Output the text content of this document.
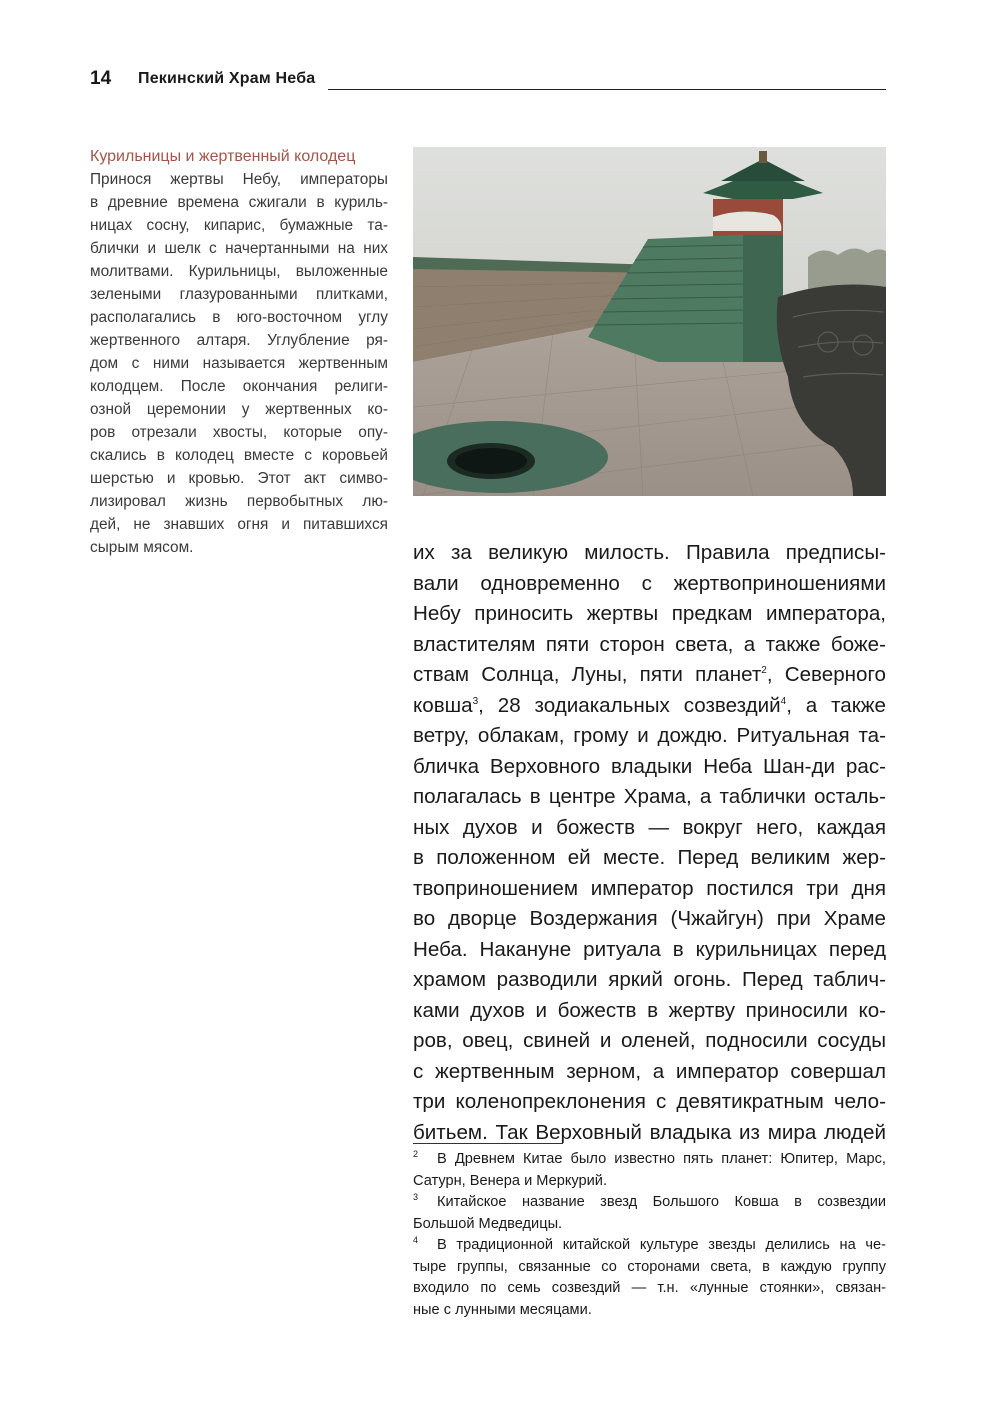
14 Пекинский Храм Неба
Курильницы и жертвенный колодец
Принося жертвы Небу, императоры
в древние времена сжигали в куриль-
ницах сосну, кипарис, бумажные та-
блички и шелк с начертанными на них
молитвами. Курильницы, выложенные
зелеными глазурованными плитками,
располагались в юго-восточном углу
жертвенного алтаря. Углубление ря-
дом с ними называется жертвенным
колодцем. После окончания религи-
озной церемонии у жертвенных ко-
ров отрезали хвосты, которые опу-
скались в колодец вместе с коровьей
шерстью и кровью. Этот акт симво-
лизировал жизнь первобытных лю-
дей, не знавших огня и питавшихся
сырым мясом.	их за великую милость. Правила предписы-
вали одновременно с жертвоприношениями
Небу приносить жертвы предкам императора,
властителям пяти сторон света, а также боже-
ствам Солнца, Луны, пяти планет$^2$, Северного
ковша$^3$, 28 зодиакальных созвездий$^4$, а также
ветру, облакам, грому и дождю. Ритуальная та-
бличка Верховного владыки Неба Шан-ди рас-
полагалась в центре Храма, а таблички осталь-
ных духов и божеств — вокруг него, каждая
в положенном ей месте. Перед великим жер-
твоприношением император постился три дня
во дворце Воздержания (Чжайгун) при Храме
Неба. Накануне ритуала в курильницах перед
храмом разводили яркий огонь. Перед таблич-
ками духов и божеств в жертву приносили ко-
ров, овец, свиней и оленей, подносили сосуды
с жертвенным зерном, а император совершал
три коленопреклонения с девятикратным чело-
битьем. Так Верховный владыка из мира людей
2 В Древнем Китае было известно пять планет: Юпитер, Марс,
Сатурн, Венера и Меркурий.
3 Китайское название звезд Большого Ковша в созвездии
Большой Медведицы.
4 В традиционной китайской культуре звезды делились на че-
тыре группы, связанные со сторонами света, в каждую группу
входило по семь созвездий — т.н. «лунные стоянки», связан-
ные с лунными месяцами.
